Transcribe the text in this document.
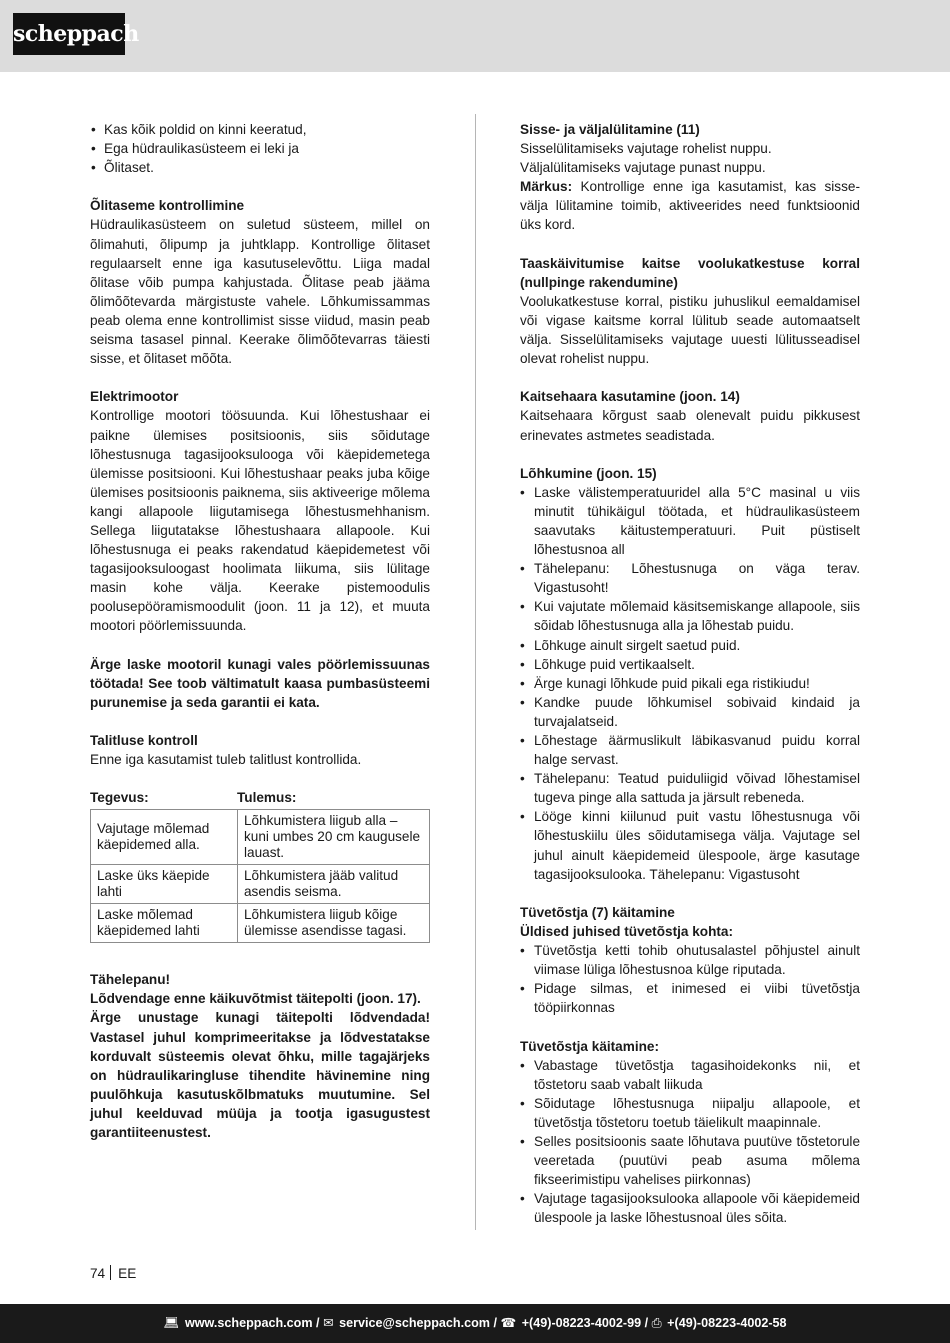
scheppach
• Kas kõik poldid on kinni keeratud,
• Ega hüdraulikasüsteem ei leki ja
• Õlitaset.
Õlitaseme kontrollimine
Hüdraulikasüsteem on suletud süsteem, millel on õlimahuti, õlipump ja juhtklapp. Kontrollige õlitaset regulaarselt enne iga kasutuselevõttu. Liiga madal õlitase võib pumpa kahjustada. Õlitase peab jääma õlimõõtevarda märgistuste vahele. Lõhkumissammas peab olema enne kontrollimist sisse viidud, masin peab seisma tasasel pinnal. Keerake õlimõõtevarras täiesti sisse, et õlitaset mõõta.
Elektrimootor
Kontrollige mootori töösuunda. Kui lõhestushaar ei paikne ülemises positsioonis, siis sõidutage lõhestusnuga tagasijooksulooga või käepidemetega ülemisse positsiooni. Kui lõhestushaar peaks juba kõige ülemises positsioonis paiknema, siis aktiveerige mõlema kangi allapoole liigutamisega lõhestusmehhanism. Sellega liigutatakse lõhestushaara allapoole. Kui lõhestusnuga ei peaks rakendatud käepidemetest või tagasijooksuloogast hoolimata liikuma, siis lülitage masin kohe välja. Keerake pistemoodulis poolusepööramismoodulit (joon. 11 ja 12), et muuta mootori pöörlemissuunda.
Ärge laske mootoril kunagi vales pöörlemissuunas töötada! See toob vältimatult kaasa pumbasüsteemi purunemise ja seda garantii ei kata.
Talitluse kontroll
Enne iga kasutamist tuleb talitlust kontrollida.
Tegevus:	Tulemus:
Vajutage mõlemad käepidemed alla.	Lõhkumistera liigub alla – kuni umbes 20 cm kaugusele lauast.
Laske üks käepide lahti	Lõhkumistera jääb valitud asendis seisma.
Laske mõlemad käepidemed lahti	Lõhkumistera liigub kõige ülemisse asendisse tagasi.
Tähelepanu!
Lõdvendage enne käikuvõtmist täitepolti (joon. 17).
Ärge unustage kunagi täitepolti lõdvendada! Vastasel juhul komprimeeritakse ja lõdvestatakse korduvalt süsteemis olevat õhku, mille tagajärjeks on hüdraulikaringluse tihendite hävinemine ning puulõhkuja kasutuskõlbmatuks muutumine. Sel juhul keelduvad müüja ja tootja igasugustest garantiiteenustest.
Sisse- ja väljalülitamine (11)
Sisselülitamiseks vajutage rohelist nuppu.
Väljalülitamiseks vajutage punast nuppu.
Märkus: Kontrollige enne iga kasutamist, kas sisse-välja lülitamine toimib, aktiveerides need funktsioonid üks kord.
Taaskäivitumise kaitse voolukatkestuse korral (nullpinge rakendumine)
Voolukatkestuse korral, pistiku juhuslikul eemaldamisel või vigase kaitsme korral lülitub seade automaatselt välja. Sisselülitamiseks vajutage uuesti lülitusseadisel olevat rohelist nuppu.
Kaitsehaara kasutamine (joon. 14)
Kaitsehaara kõrgust saab olenevalt puidu pikkusest erinevates astmetes seadistada.
Lõhkumine (joon. 15)
• Laske välistemperatuuridel alla 5°C masinal u viis minutit tühikäigul töötada, et hüdraulikasüsteem saavutaks käitustemperatuuri. Puit püstiselt lõhestusnoa all
• Tähelepanu: Lõhestusnuga on väga terav. Vigastusoht!
• Kui vajutate mõlemaid käsitsemiskange allapoole, siis sõidab lõhestusnuga alla ja lõhestab puidu.
• Lõhkuge ainult sirgelt saetud puid.
• Lõhkuge puid vertikaalselt.
• Ärge kunagi lõhkude puid pikali ega ristikiudu!
• Kandke puude lõhkumisel sobivaid kindaid ja turvajalatseid.
• Lõhestage äärmuslikult läbikasvanud puidu korral halge servast.
• Tähelepanu: Teatud puiduliigid võivad lõhestamisel tugeva pinge alla sattuda ja järsult rebeneda.
• Lööge kinni kiilunud puit vastu lõhestusnuga või lõhestuskiilu üles sõidutamisega välja. Vajutage sel juhul ainult käepidemeid ülespoole, ärge kasutage tagasijooksulooka. Tähelepanu: Vigastusoht
Tüvetõstja (7) käitamine
Üldised juhised tüvetõstja kohta:
• Tüvetõstja ketti tohib ohutusalastel põhjustel ainult viimase lüliga lõhestusnoa külge riputada.
• Pidage silmas, et inimesed ei viibi tüvetõstja tööpiirkonnas
Tüvetõstja käitamine:
• Vabastage tüvetõstja tagasihoidekonks nii, et tõstetoru saab vabalt liikuda
• Sõidutage lõhestusnuga niipalju allapoole, et tüvetõstja tõstetoru toetub täielikult maapinnale.
• Selles positsioonis saate lõhutava puutüve tõstetorule veeretada (puutüvi peab asuma mõlema fikseerimistipu vahelises piirkonnas)
• Vajutage tagasijooksulooka allapoole või käepidemeid ülespoole ja laske lõhestusnoal üles sõita.
74 EE
💻︎ www.scheppach.com / ✉︎ service@scheppach.com / ☎ +(49)-08223-4002-99 / ⎙ +(49)-08223-4002-58
